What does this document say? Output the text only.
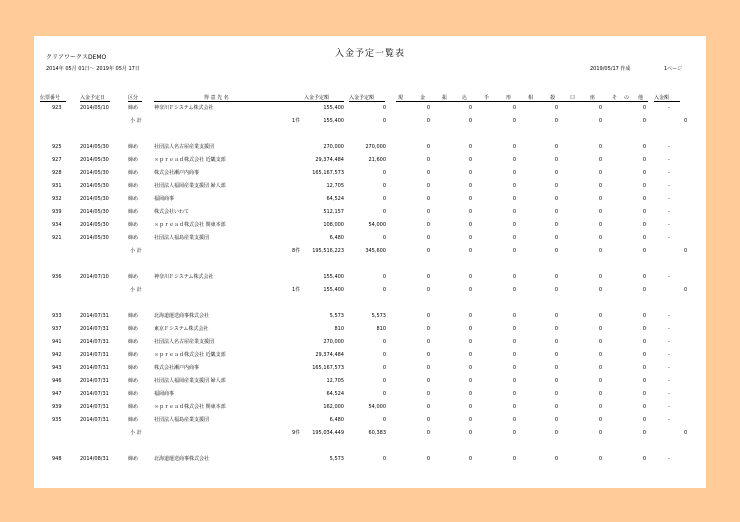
クリアワークスDEMO
2014年 05月 01日～ 2019年 05月 17日
入金予定一覧表
2019/05/17 作成	1ページ
伝票番号	入金予定日	区分	得 意 先 名	入金予定額	入金予定額	現	金	振	込	手	形	相	殺	口	座	そ の 他 入金額
923	2014/05/10	締め	神奈川Ｆシステム株式会社	155,400	0	0	0	0	0	0	0	-
小 計	1件	155,400	0	0	0	0	0	0	0	0
925	2014/05/30	締め	社団法人名古屋産業支援団	270,000	270,000	0	0	0	0	0	0	-
927	2014/05/30	締め	ｓｐｒｅａｄ株式会社 近畿支部	29,374,484	21,600	0	0	0	0	0	0	-
928	2014/05/30	締め	株式会社瀬戸内商事	165,167,573	0	0	0	0	0	0	0	-
931	2014/05/30	締め	社団法人福岡産業支援団 婦人部	12,705	0	0	0	0	0	0	0	-
932	2014/05/30	締め	福岡商事	64,524	0	0	0	0	0	0	0	-
939	2014/05/30	締め	株式会社いわて	512,157	0	0	0	0	0	0	0	-
934	2014/05/30	締め	ｓｐｒｅａｄ株式会社 関東本部	108,000	54,000	0	0	0	0	0	0	-
921	2014/05/30	締め	社団法人福島産業支援団	6,480	0	0	0	0	0	0	0	-
小 計	8件 195,516,223	345,600	0	0	0	0	0	0	0
936	2014/07/10	締め	神奈川Ｆシステム株式会社	155,400	0	0	0	0	0	0	0	-
小 計	1件	155,400	0	0	0	0	0	0	0	0
933	2014/07/31	締め	北海道運送商事株式会社	5,573	5,573	0	0	0	0	0	0	-
937	2014/07/31	締め	東京Ｆシステム株式会社	810	810	0	0	0	0	0	0	-
941	2014/07/31	締め	社団法人名古屋産業支援団	270,000	0	0	0	0	0	0	0	-
942	2014/07/31	締め	ｓｐｒｅａｄ株式会社 近畿支部	29,374,484	0	0	0	0	0	0	0	-
943	2014/07/31	締め	株式会社瀬戸内商事	165,167,573	0	0	0	0	0	0	0	-
946	2014/07/31	締め	社団法人福岡産業支援団 婦人部	12,705	0	0	0	0	0	0	0	-
947	2014/07/31	締め	福岡商事	64,524	0	0	0	0	0	0	0	-
939	2014/07/31	締め	ｓｐｒｅａｄ株式会社 関東本部	162,000	54,000	0	0	0	0	0	0	-
935	2014/07/31	締め	社団法人福島産業支援団	6,480	0	0	0	0	0	0	0	-
小 計	9件 195,034,449	60,383	0	0	0	0	0	0	0
948	2014/08/31	締め	北海道運送商事株式会社	5,573	0	0	0	0	0	0	0	-
